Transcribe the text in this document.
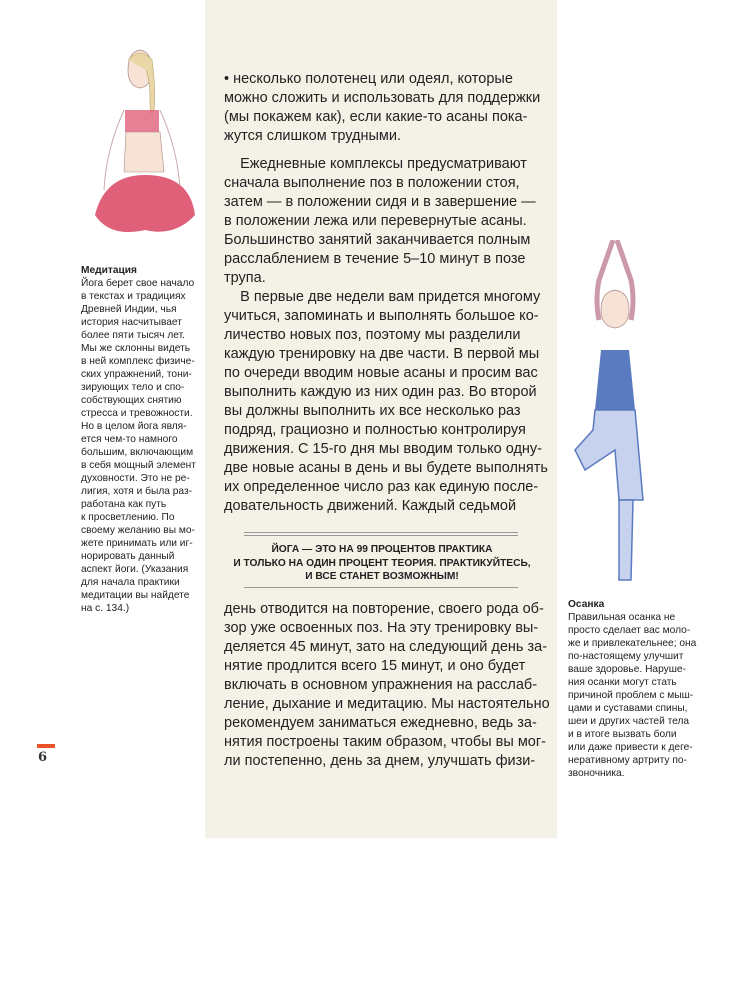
Медитация
Йога берет свое начало
в текстах и традициях
Древней Индии, чья
история насчитывает
более пяти тысяч лет.
Мы же склонны видеть
в ней комплекс физиче-
ских упражнений, тони-
зирующих тело и спо-
собствующих снятию
стресса и тревожности.
Но в целом йога явля-
ется чем-то намного
большим, включающим
в себя мощный элемент
духовности. Это не ре-
лигия, хотя и была раз-
работана как путь
к просветлению. По
своему желанию вы мо-
жете принимать или иг-
норировать данный
аспект йоги. (Указания
для начала практики
медитации вы найдете
на с. 134.)	Осанка
Правильная осанка не
просто сделает вас моло-
же и привлекательнее; она
по-настоящему улучшит
ваше здоровье. Наруше-
ния осанки могут стать
причиной проблем с мыш-
цами и суставами спины,
шеи и других частей тела
и в итоге вызвать боли
или даже привести к деге-
неративному артриту по-
звоночника.
• несколько полотенец или одеял, которые
можно сложить и использовать для поддержки
(мы покажем как), если какие-то асаны пока-
жутся слишком трудными.
Ежедневные комплексы предусматривают
сначала выполнение поз в положении стоя,
затем — в положении сидя и в завершение —
в положении лежа или перевернутые асаны.
Большинство занятий заканчивается полным
расслаблением в течение 5–10 минут в позе
трупа.
В первые две недели вам придется многому
учиться, запоминать и выполнять большое ко-
личество новых поз, поэтому мы разделили
каждую тренировку на две части. В первой мы
по очереди вводим новые асаны и просим вас
выполнить каждую из них один раз. Во второй
вы должны выполнить их все несколько раз
подряд, грациозно и полностью контролируя
движения. С 15-го дня мы вводим только одну-
две новые асаны в день и вы будете выполнять
их определенное число раз как единую после-
довательность движений. Каждый седьмой
ЙОГА — ЭТО НА 99 ПРОЦЕНТОВ ПРАКТИКА
И ТОЛЬКО НА ОДИН ПРОЦЕНТ ТЕОРИЯ. ПРАКТИКУЙТЕСЬ,
И ВСЕ СТАНЕТ ВОЗМОЖНЫМ!
день отводится на повторение, своего рода об-
зор уже освоенных поз. На эту тренировку вы-
деляется 45 минут, зато на следующий день за-
нятие продлится всего 15 минут, и оно будет
включать в основном упражнения на расслаб-
ление, дыхание и медитацию. Мы настоятельно
рекомендуем заниматься ежедневно, ведь за-
нятия построены таким образом, чтобы вы мог-
ли постепенно, день за днем, улучшать физи-
6
